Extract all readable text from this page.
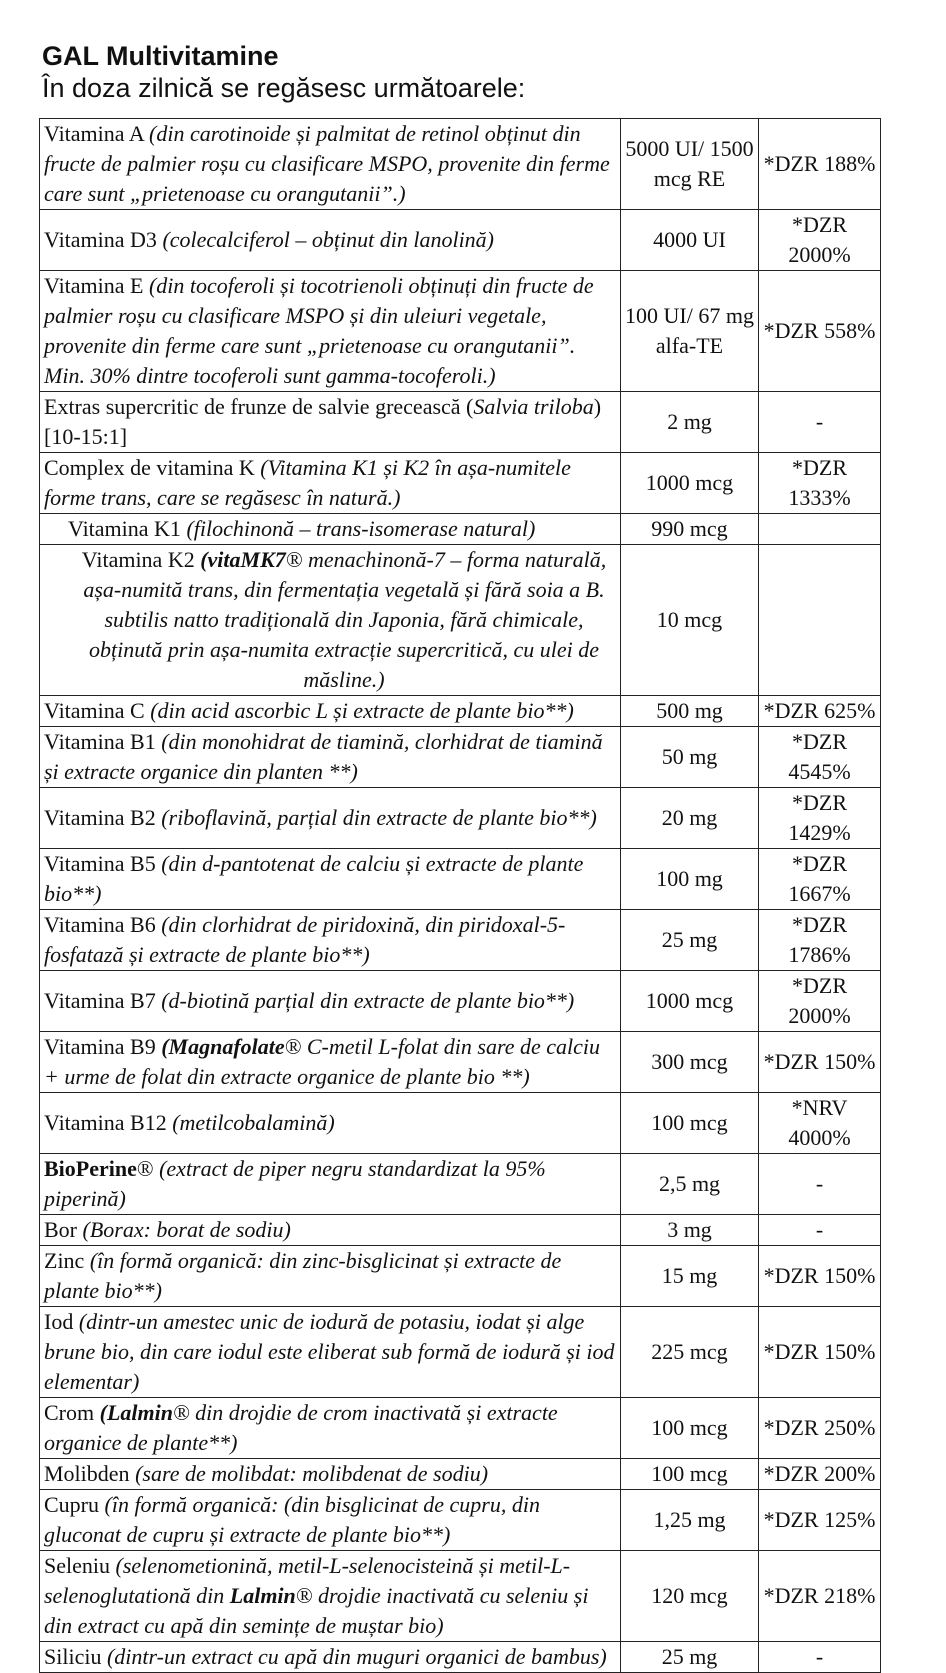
GAL Multivitamine
În doza zilnică se regăsesc următoarele:
Vitamina A (din carotinoide și palmitat de retinol obținut din fructe de palmier roșu cu clasificare MSPO, provenite din ferme care sunt „prietenoase cu orangutanii”.)	5000 UI/ 1500 mcg RE	*DZR 188%
Vitamina D3 (colecalciferol – obținut din lanolină)	4000 UI	*DZR 2000%
Vitamina E (din tocoferoli și tocotrienoli obținuți din fructe de palmier roșu cu clasificare MSPO și din uleiuri vegetale, provenite din ferme care sunt „prietenoase cu orangutanii”. Min. 30% dintre tocoferoli sunt gamma-tocoferoli.)	100 UI/ 67 mg alfa-TE	*DZR 558%
Extras supercritic de frunze de salvie grecească (Salvia triloba) [10-15:1]	2 mg	-
Complex de vitamina K (Vitamina K1 și K2 în așa-numitele forme trans, care se regăsesc în natură.)	1000 mcg	*DZR 1333%
Vitamina K1 (filochinonă – trans-isomerase natural)	990 mcg	
Vitamina K2 (vitaMK7® menachinonă-7 – forma naturală, așa-numită trans, din fermentația vegetală și fără soia a B. subtilis natto tradițională din Japonia, fără chimicale, obținută prin așa-numita extracție supercritică, cu ulei de măsline.)	10 mcg	
Vitamina C (din acid ascorbic L și extracte de plante bio**)	500 mg	*DZR 625%
Vitamina B1 (din monohidrat de tiamină, clorhidrat de tiamină și extracte organice din planten **)	50 mg	*DZR 4545%
Vitamina B2 (riboflavină, parțial din extracte de plante bio**)	20 mg	*DZR 1429%
Vitamina B5 (din d-pantotenat de calciu și extracte de plante bio**)	100 mg	*DZR 1667%
Vitamina B6 (din clorhidrat de piridoxină, din piridoxal-5-fosfatază și extracte de plante bio**)	25 mg	*DZR 1786%
Vitamina B7 (d-biotină parțial din extracte de plante bio**)	1000 mcg	*DZR 2000%
Vitamina B9 (Magnafolate® C-metil L-folat din sare de calciu + urme de folat din extracte organice de plante bio **)	300 mcg	*DZR 150%
Vitamina B12 (metilcobalamină)	100 mcg	*NRV 4000%
BioPerine® (extract de piper negru standardizat la 95% piperină)	2,5 mg	-
Bor (Borax: borat de sodiu)	3 mg	-
Zinc (în formă organică: din zinc-bisglicinat și extracte de plante bio**)	15 mg	*DZR 150%
Iod (dintr-un amestec unic de iodură de potasiu, iodat și alge brune bio, din care iodul este eliberat sub formă de iodură și iod elementar)	225 mcg	*DZR 150%
Crom (Lalmin® din drojdie de crom inactivată și extracte organice de plante**)	100 mcg	*DZR 250%
Molibden (sare de molibdat: molibdenat de sodiu)	100 mcg	*DZR 200%
Cupru (în formă organică: (din bisglicinat de cupru, din gluconat de cupru și extracte de plante bio**)	1,25 mg	*DZR 125%
Seleniu (selenometionină, metil-L-selenocisteină și metil-L-selenoglutationă din Lalmin® drojdie inactivată cu seleniu și din extract cu apă din semințe de muștar bio)	120 mcg	*DZR 218%
Siliciu (dintr-un extract cu apă din muguri organici de bambus)	25 mg	-
